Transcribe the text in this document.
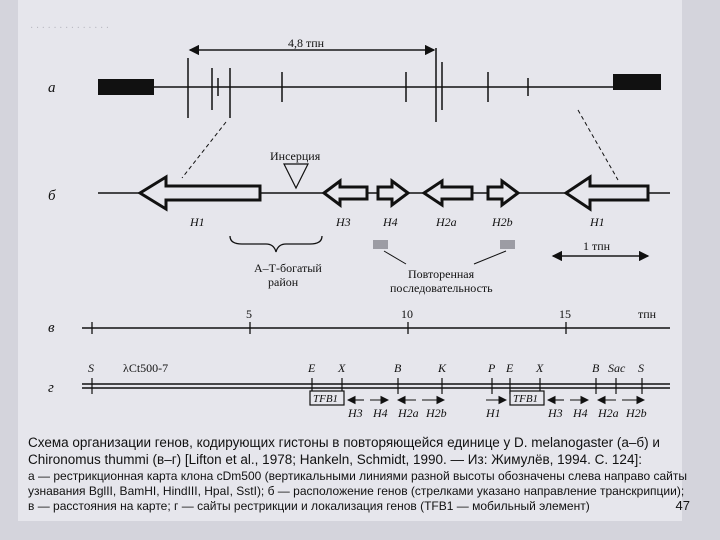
· · · · · · · · · · · · · ·
а
4,8 тпн
б
Инсерция
H1	H3	H4	H2a	H2b	H1
А–Т-богатый
район
Повторенная
последовательность
1 тпн
в
5	10	15	тпн
г
S λCt500-7	E X	B	K	P E X	B Sac S
TFB1	TFB1
H3 H4 H2a H2b	H1	H3 H4 H2a H2b
Схема организации генов, кодирующих гистоны в повторяющейся единице у D. melanogaster (а–б) и Chironomus thummi (в–г) [Lifton et al., 1978; Hankeln, Schmidt, 1990. — Из: Жимулёв, 1994. С. 124]:
а — рестрикционная карта клона cDm500 (вертикальными линиями разной высоты обозначены слева направо сайты узнавания BglII, BamHI, HindIII, HpaI, SstI); б — расположение генов (стрелками указано направление транскрипции); в — расстояния на карте; г — сайты рестрикции и локализация генов (TFB1 — мобильный элемент)	47
